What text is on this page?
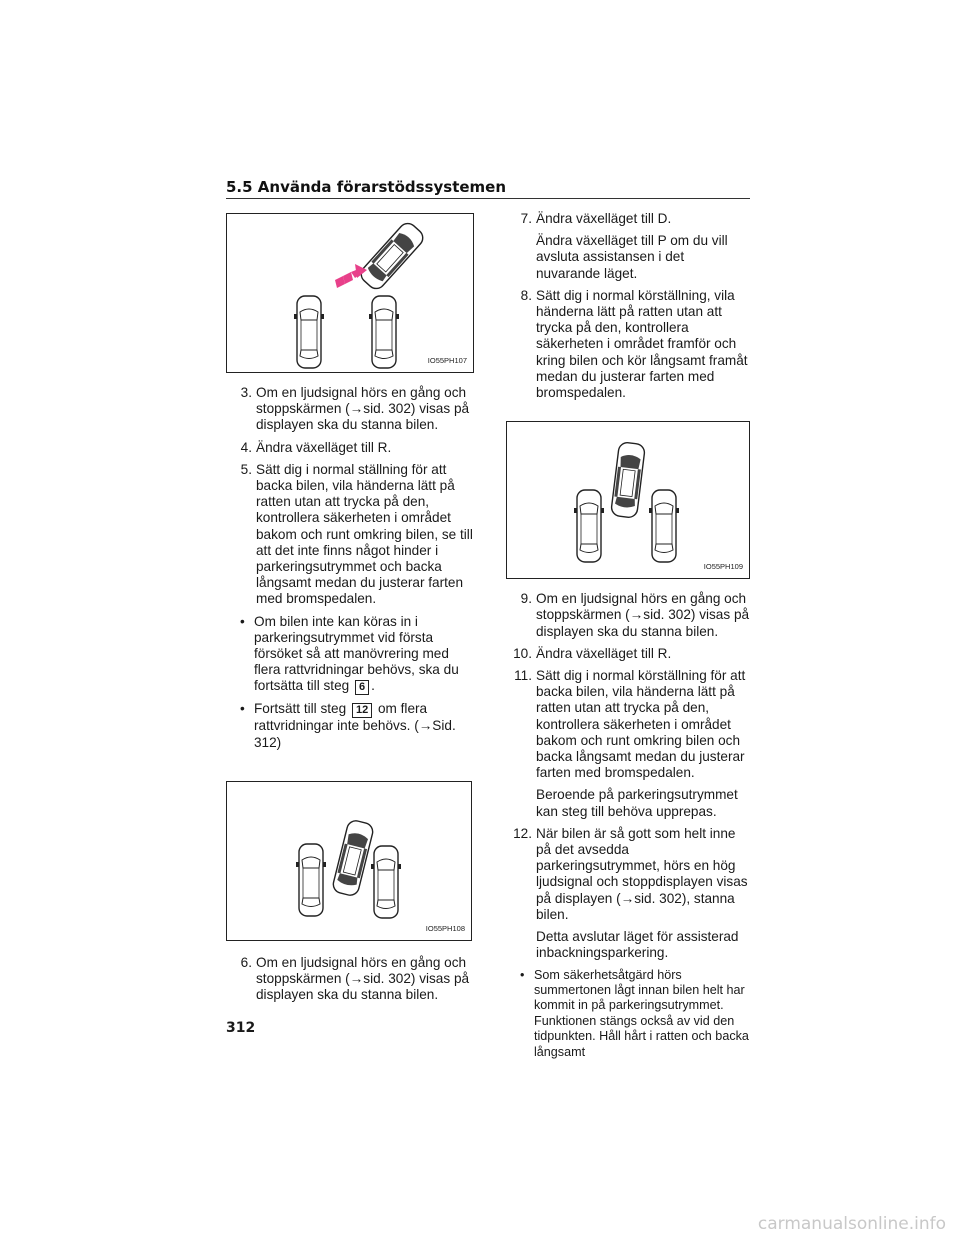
5.5 Använda förarstödssystemen
IO55PH107
3. Om en ljudsignal hörs en gång och stoppskärmen (→sid. 302) visas på displayen ska du stanna bilen.
4. Ändra växelläget till R.
5. Sätt dig i normal ställning för att backa bilen, vila händerna lätt på ratten utan att trycka på den, kontrollera säkerheten i området bakom och runt omkring bilen, se till att det inte finns något hinder i parkeringsutrymmet och backa långsamt medan du justerar farten med bromspedalen.
• Om bilen inte kan köras in i parkeringsutrymmet vid första försöket så att manövrering med flera rattvridningar behövs, ska du fortsätta till steg 6 .
• Fortsätt till steg 12 om flera rattvridningar inte behövs. (→Sid. 312)
IO55PH108
6. Om en ljudsignal hörs en gång och stoppskärmen (→sid. 302) visas på displayen ska du stanna bilen.
7. Ändra växelläget till D.
Ändra växelläget till P om du vill avsluta assistansen i det nuvarande läget.
8. Sätt dig i normal körställning, vila händerna lätt på ratten utan att trycka på den, kontrollera säkerheten i området framför och kring bilen och kör långsamt framåt medan du justerar farten med bromspedalen.
IO55PH109
9. Om en ljudsignal hörs en gång och stoppskärmen (→sid. 302) visas på displayen ska du stanna bilen.
10. Ändra växelläget till R.
11. Sätt dig i normal körställning för att backa bilen, vila händerna lätt på ratten utan att trycka på den, kontrollera säkerheten i området bakom och runt omkring bilen och backa långsamt medan du justerar farten med bromspedalen.
Beroende på parkeringsutrymmet kan steg till behöva upprepas.
12. När bilen är så gott som helt inne på det avsedda parkeringsutrymmet, hörs en hög ljudsignal och stoppdisplayen visas på displayen (→sid. 302), stanna bilen.
Detta avslutar läget för assisterad inbackningsparkering.
• Som säkerhetsåtgärd hörs summertonen lågt innan bilen helt har kommit in på parkeringsutrymmet. Funktionen stängs också av vid den tidpunkten. Håll hårt i ratten och backa långsamt
312
carmanualsonline.info
